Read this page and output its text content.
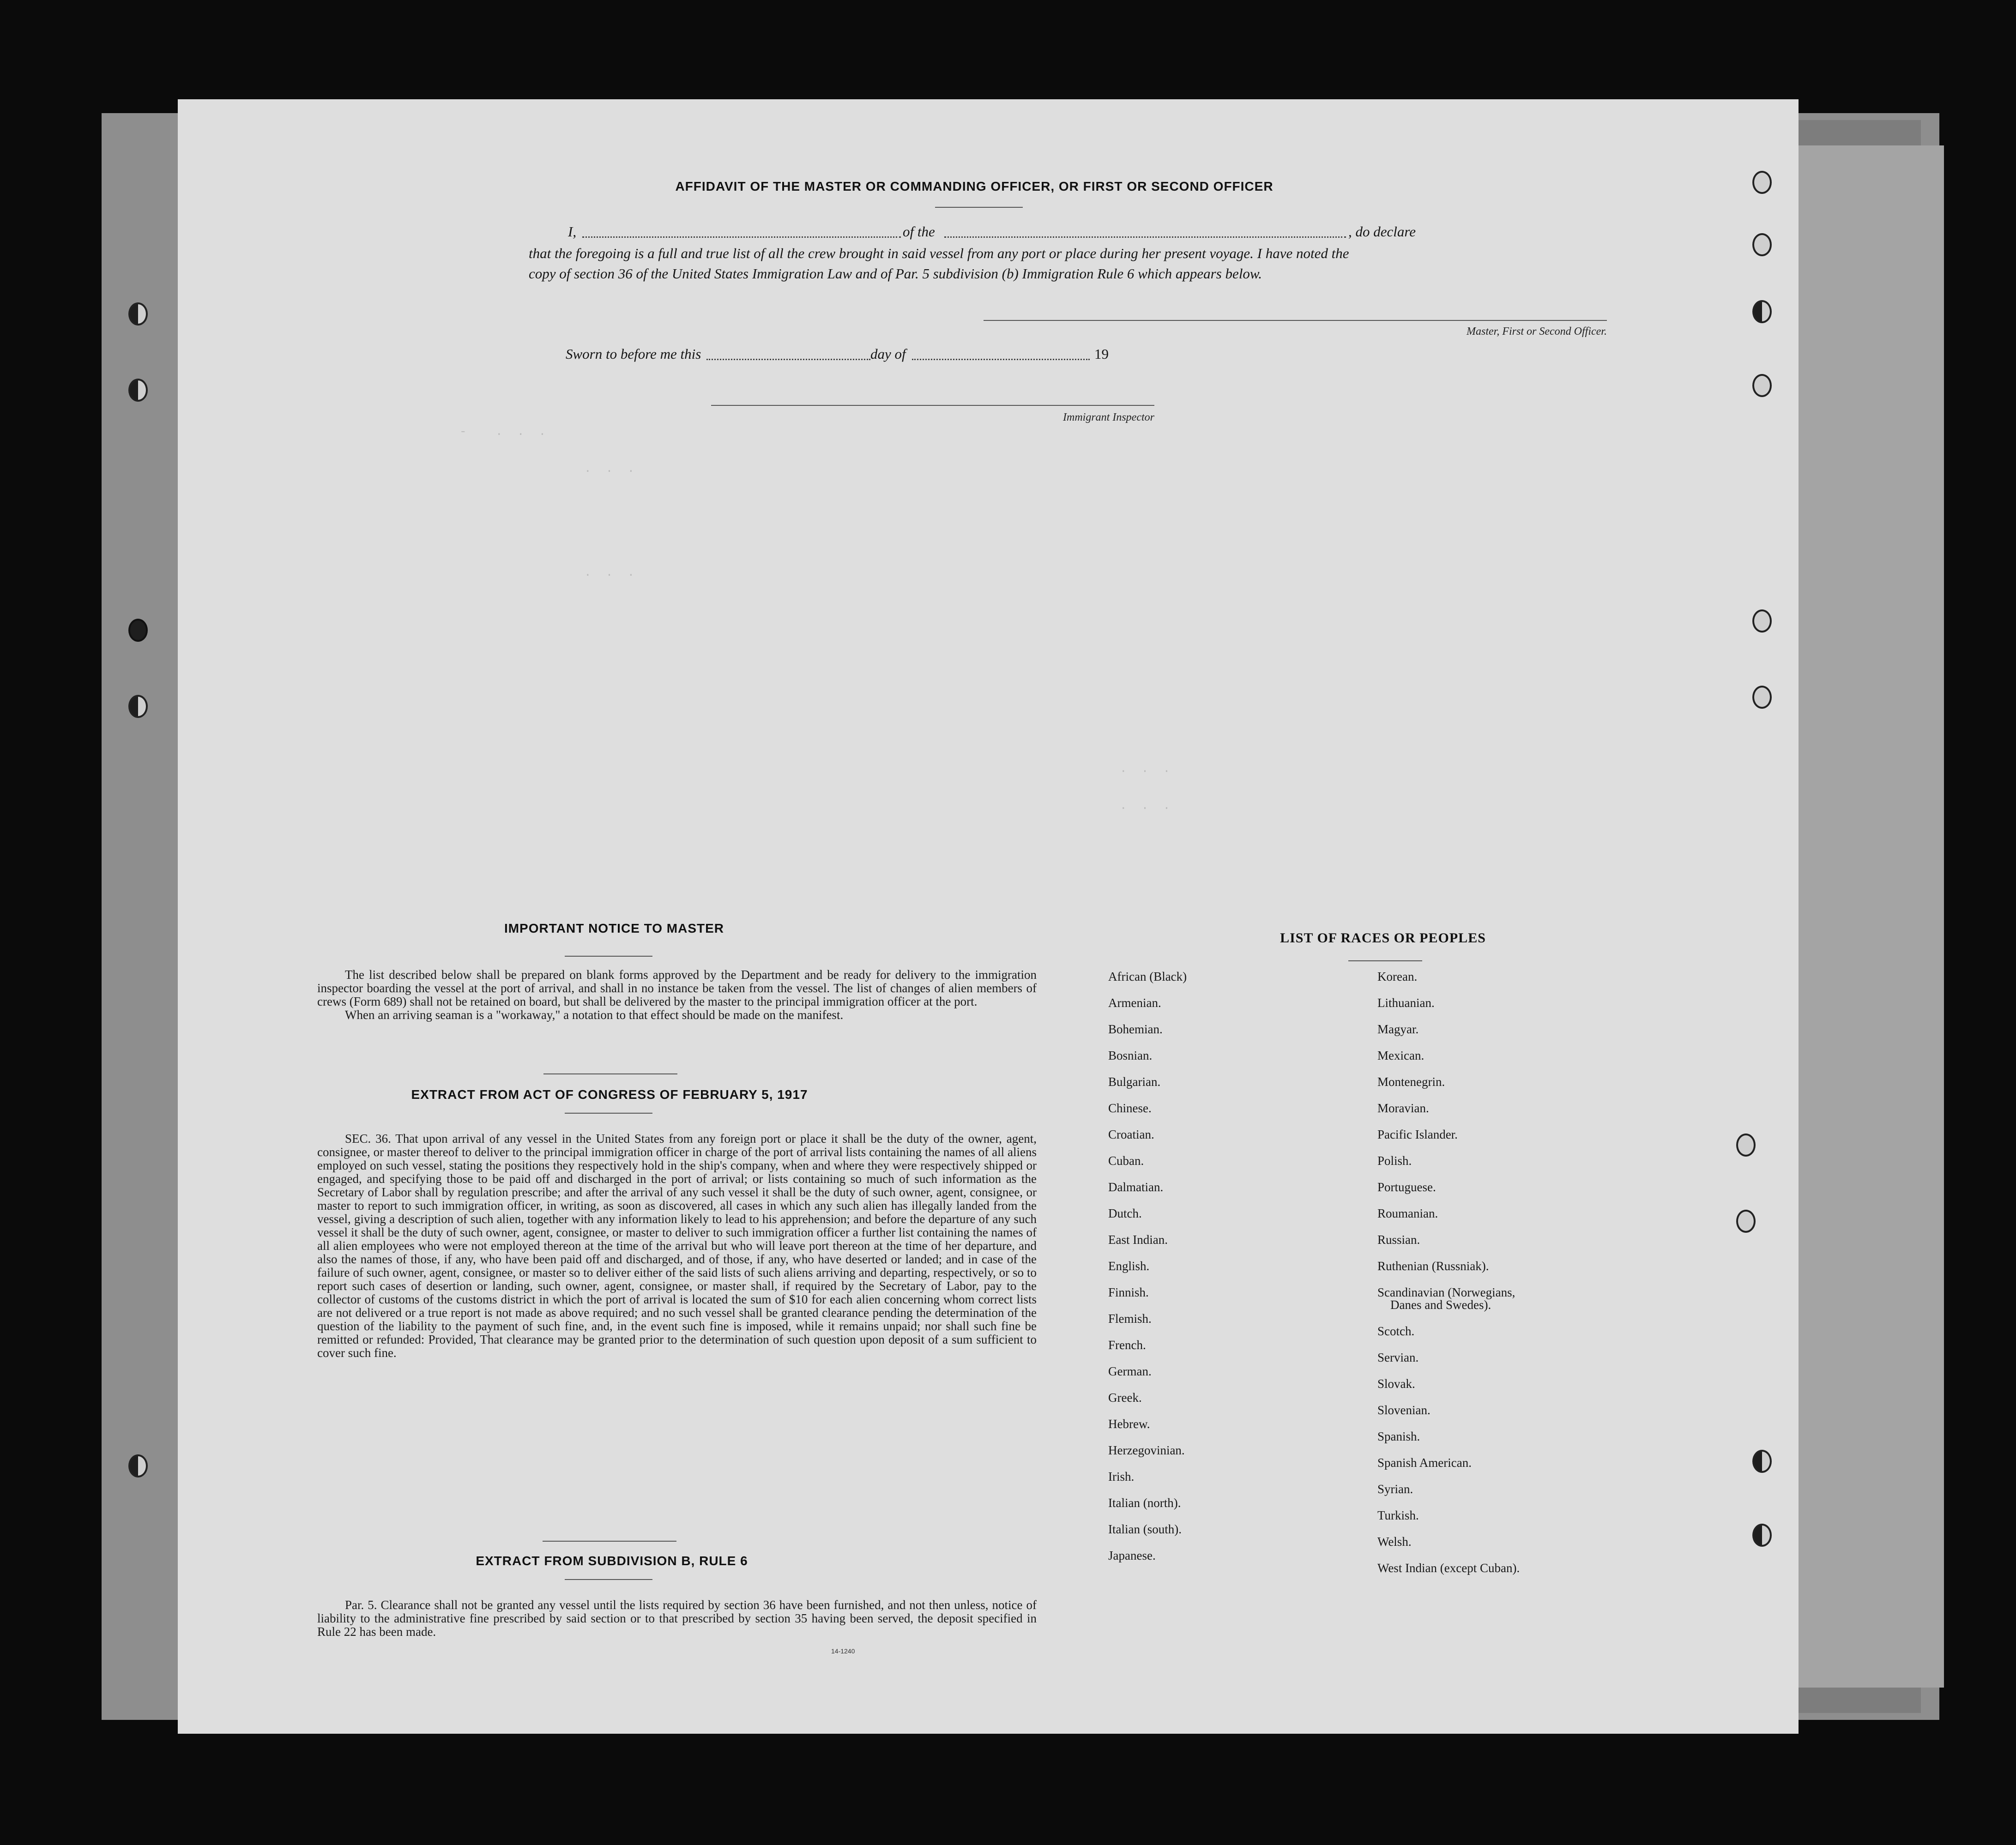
-    .  .  .
.  .  .
.  .  .
.  .  .
.  .  .
AFFIDAVIT OF THE MASTER OR COMMANDING OFFICER, OR FIRST OR SECOND OFFICER
I,	of the	, do declare
that the foregoing is a full and true list of all the crew brought in said vessel from any port or place during her present voyage. I have noted the
copy of section 36 of the United States Immigration Law and of Par. 5 subdivision (b) Immigration Rule 6 which appears below.
Master, First or Second Officer.
Sworn to before me this	day of	19
Immigrant Inspector
IMPORTANT NOTICE TO MASTER

The list described below shall be prepared on blank forms approved by the Department and be ready for delivery to the immigration inspector boarding the vessel at the port of arrival, and shall in no instance be taken from the vessel. The list of changes of alien members of crews (Form 689) shall not be retained on board, but shall be delivered by the master to the principal immigration officer at the port.

When an arriving seaman is a "workaway," a notation to that effect should be made on the manifest.

EXTRACT FROM ACT OF CONGRESS OF FEBRUARY 5, 1917

SEC. 36. That upon arrival of any vessel in the United States from any foreign port or place it shall be the duty of the owner, agent, consignee, or master thereof to deliver to the principal immigration officer in charge of the port of arrival lists containing the names of all aliens employed on such vessel, stating the positions they respectively hold in the ship's company, when and where they were respectively shipped or engaged, and specifying those to be paid off and discharged in the port of arrival; or lists containing so much of such information as the Secretary of Labor shall by regulation prescribe; and after the arrival of any such vessel it shall be the duty of such owner, agent, consignee, or master to report to such immigration officer, in writing, as soon as discovered, all cases in which any such alien has illegally landed from the vessel, giving a description of such alien, together with any information likely to lead to his apprehension; and before the departure of any such vessel it shall be the duty of such owner, agent, consignee, or master to deliver to such immigration officer a further list containing the names of all alien employees who were not employed thereon at the time of the arrival but who will leave port thereon at the time of her departure, and also the names of those, if any, who have been paid off and discharged, and of those, if any, who have deserted or landed; and in case of the failure of such owner, agent, consignee, or master so to deliver either of the said lists of such aliens arriving and departing, respectively, or so to report such cases of desertion or landing, such owner, agent, consignee, or master shall, if required by the Secretary of Labor, pay to the collector of customs of the customs district in which the port of arrival is located the sum of $10 for each alien concerning whom correct lists are not delivered or a true report is not made as above required; and no such vessel shall be granted clearance pending the determination of the question of the liability to the payment of such fine, and, in the event such fine is imposed, while it remains unpaid; nor shall such fine be remitted or refunded: Provided, That clearance may be granted prior to the determination of such question upon deposit of a sum sufficient to cover such fine.

EXTRACT FROM SUBDIVISION B, RULE 6

Par. 5. Clearance shall not be granted any vessel until the lists required by section 36 have been furnished, and not then unless, notice of liability to the administrative fine prescribed by said section or to that prescribed by section 35 having been served, the deposit specified in Rule 22 has been made.

14-1240
LIST OF RACES OR PEOPLES
African (Black)
Armenian.
Bohemian.
Bosnian.
Bulgarian.
Chinese.
Croatian.
Cuban.
Dalmatian.
Dutch.
East Indian.
English.
Finnish.
Flemish.
French.
German.
Greek.
Hebrew.
Herzegovinian.
Irish.
Italian (north).
Italian (south).
Japanese.
Korean.
Lithuanian.
Magyar.
Mexican.
Montenegrin.
Moravian.
Pacific Islander.
Polish.
Portuguese.
Roumanian.
Russian.
Ruthenian (Russniak).
Scandinavian (Norwegians,
Danes and Swedes).
Scotch.
Servian.
Slovak.
Slovenian.
Spanish.
Spanish American.
Syrian.
Turkish.
Welsh.
West Indian (except Cuban).
